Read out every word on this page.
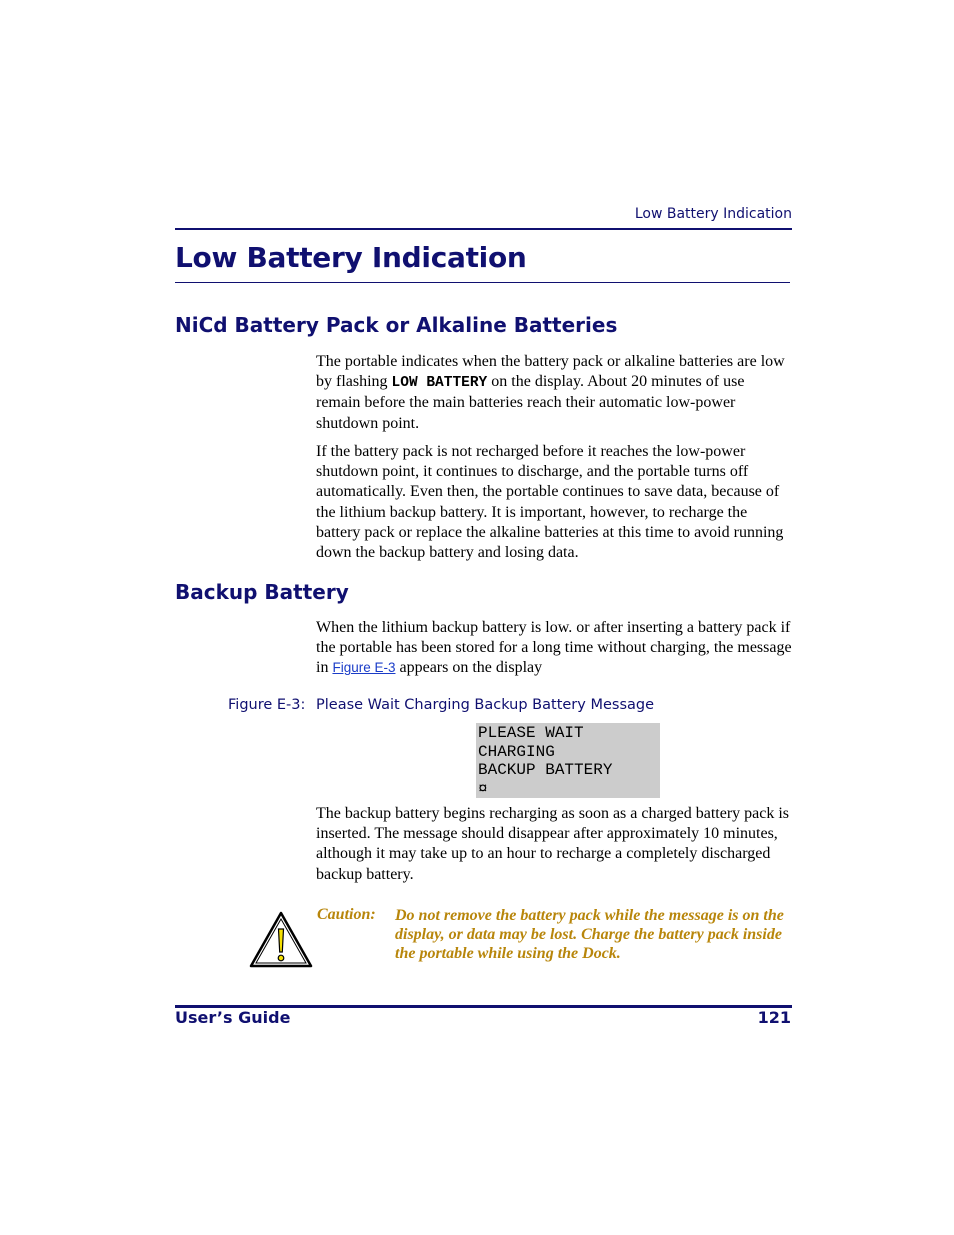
Low Battery Indication
Low Battery Indication
NiCd Battery Pack or Alkaline Batteries

The portable indicates when the battery pack or alkaline batteries are low by flashing LOW BATTERY on the display. About 20 minutes of use remain before the main batteries reach their automatic low-power shutdown point.

If the battery pack is not recharged before it reaches the low-power shutdown point, it continues to discharge, and the portable turns off automatically. Even then, the portable continues to save data, because of the lithium backup battery. It is important, however, to recharge the battery pack or replace the alkaline batteries at this time to avoid running down the backup battery and losing data.

Backup Battery

When the lithium backup battery is low. or after inserting a battery pack if the portable has been stored for a long time without charging, the message in Figure E-3 appears on the display

Figure E-3: Please Wait Charging Backup Battery Message
PLEASE WAIT
CHARGING
BACKUP BATTERY
¤

The backup battery begins recharging as soon as a charged battery pack is inserted. The message should disappear after approximately 10 minutes, although it may take up to an hour to recharge a completely discharged backup battery.

Caution: Do not remove the battery pack while the message is on the display, or data may be lost. Charge the battery pack inside the portable while using the Dock.

User’s Guide	121
